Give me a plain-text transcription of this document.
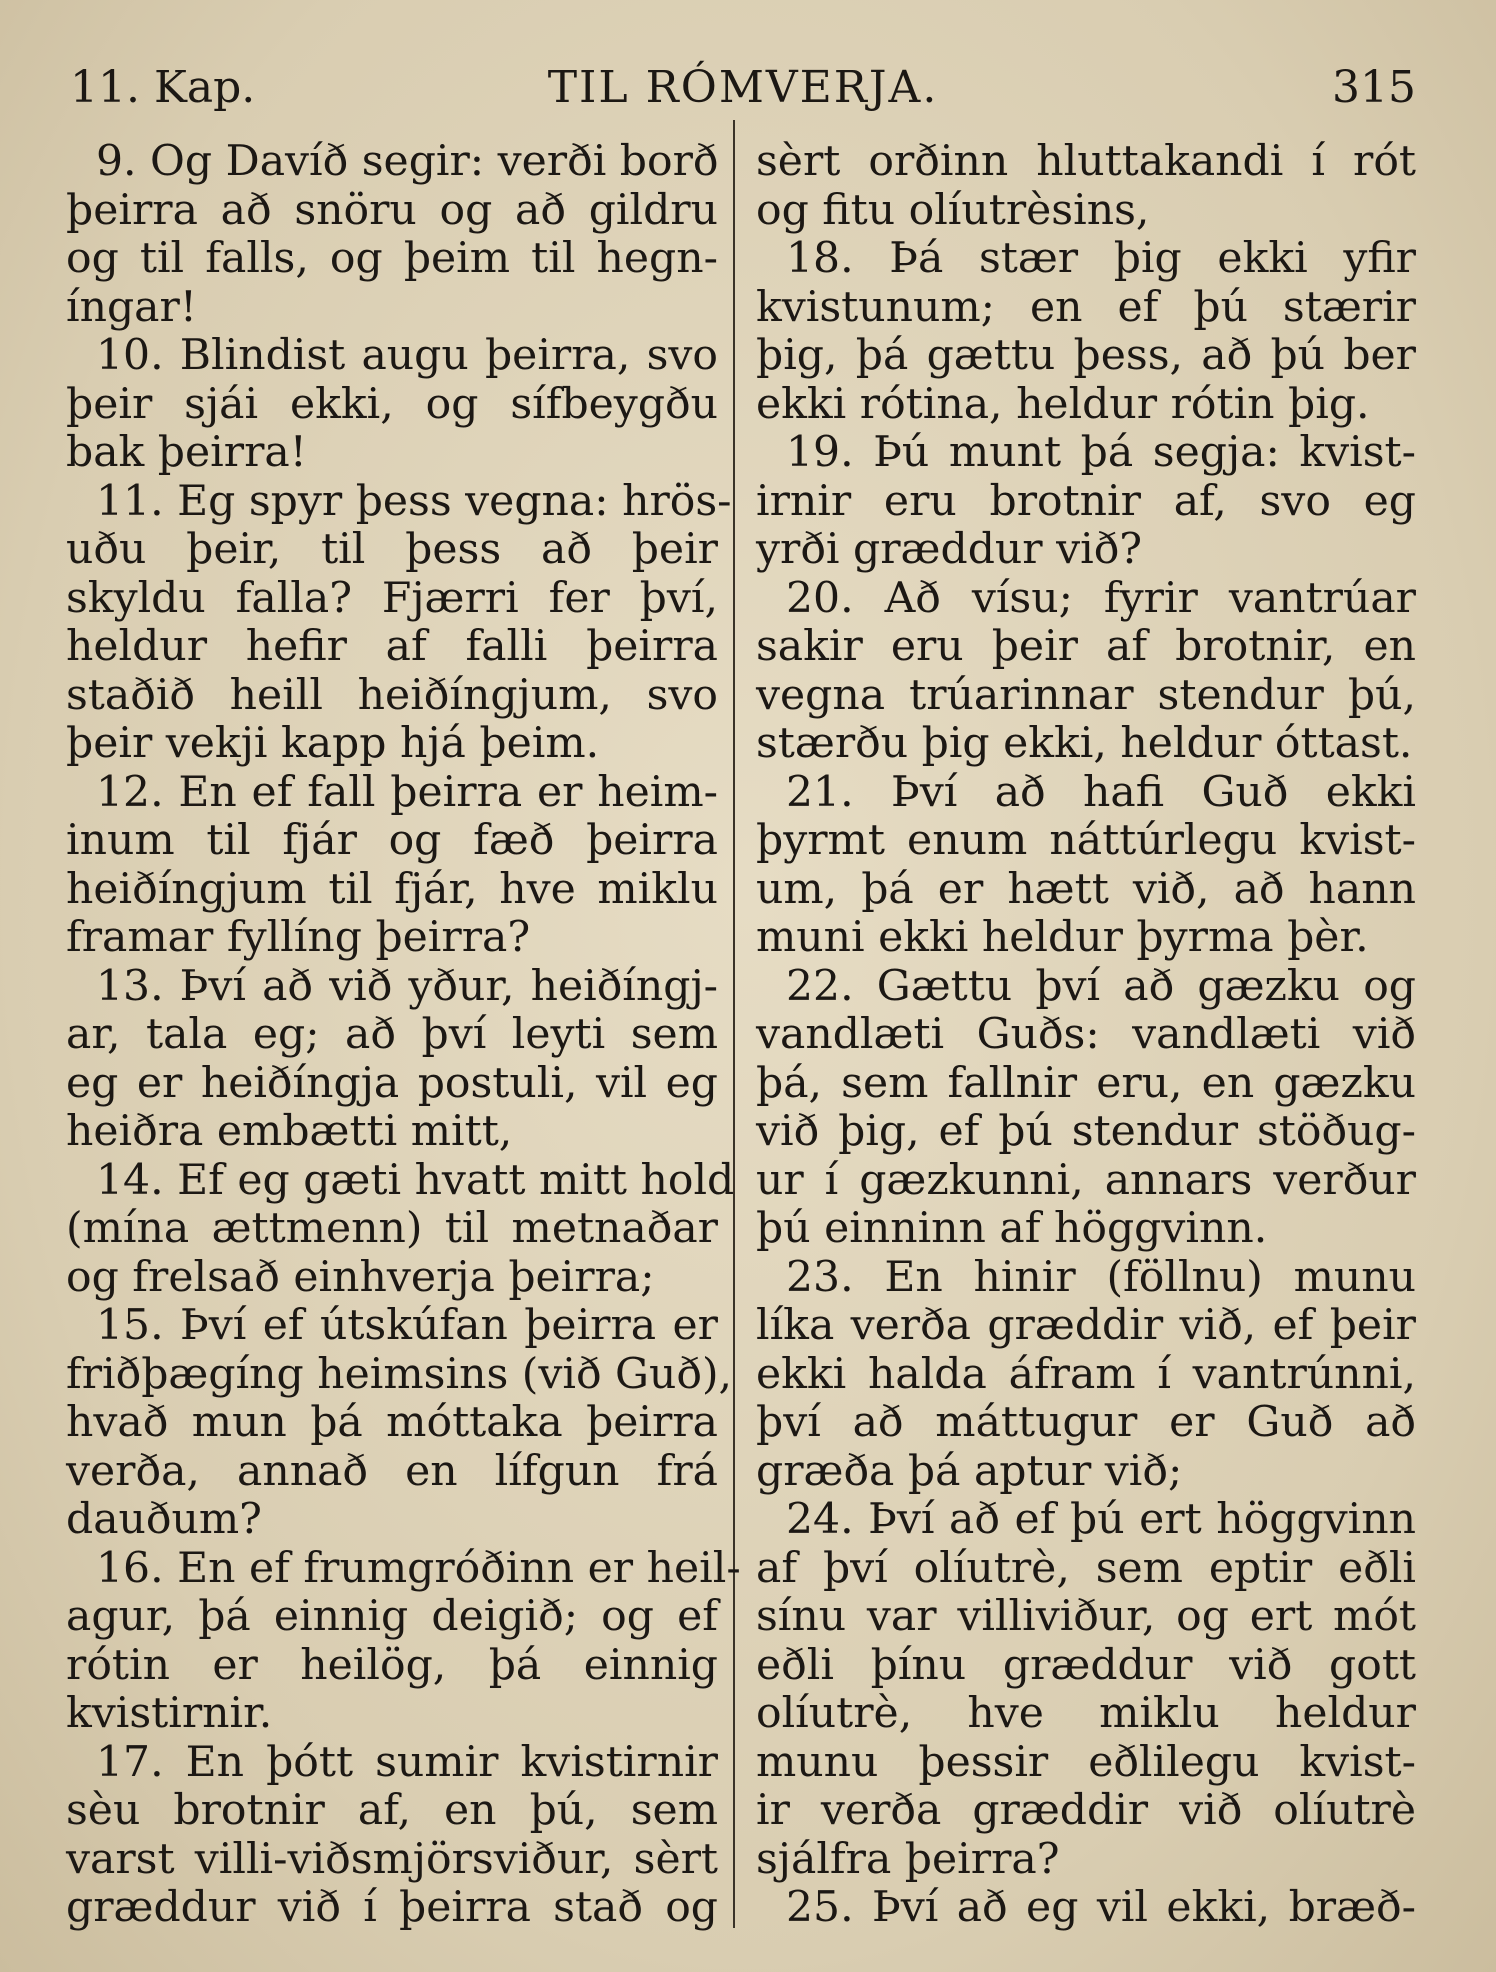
11. Kap.	TIL RÓMVERJA.	315
9. Og Davíð segir: verði borð
þeirra að snöru og að gildru
og til falls, og þeim til hegn-
íngar!
10. Blindist augu þeirra, svo
þeir sjái ekki, og sífbeygðu
bak þeirra!
11. Eg spyr þess vegna: hrös-
uðu þeir, til þess að þeir
skyldu falla? Fjærri fer því,
heldur hefir af falli þeirra
staðið heill heiðíngjum, svo
þeir vekji kapp hjá þeim.
12. En ef fall þeirra er heim-
inum til fjár og fæð þeirra
heiðíngjum til fjár, hve miklu
framar fyllíng þeirra?
13. Því að við yður, heiðíngj-
ar, tala eg; að því leyti sem
eg er heiðíngja postuli, vil eg
heiðra embætti mitt,
14. Ef eg gæti hvatt mitt hold
(mína ættmenn) til metnaðar
og frelsað einhverja þeirra;
15. Því ef útskúfan þeirra er
friðþægíng heimsins (við Guð),
hvað mun þá móttaka þeirra
verða, annað en lífgun frá
dauðum?
16. En ef frumgróðinn er heil-
agur, þá einnig deigið; og ef
rótin er heilög, þá einnig
kvistirnir.
17. En þótt sumir kvistirnir
sèu brotnir af, en þú, sem
varst villi-viðsmjörsviður, sèrt
græddur við í þeirra stað og
sèrt orðinn hluttakandi í rót
og fitu olíutrèsins,
18. Þá stær þig ekki yfir
kvistunum; en ef þú stærir
þig, þá gættu þess, að þú ber
ekki rótina, heldur rótin þig.
19. Þú munt þá segja: kvist-
irnir eru brotnir af, svo eg
yrði græddur við?
20. Að vísu; fyrir vantrúar
sakir eru þeir af brotnir, en
vegna trúarinnar stendur þú,
stærðu þig ekki, heldur óttast.
21. Því að hafi Guð ekki
þyrmt enum náttúrlegu kvist-
um, þá er hætt við, að hann
muni ekki heldur þyrma þèr.
22. Gættu því að gæzku og
vandlæti Guðs: vandlæti við
þá, sem fallnir eru, en gæzku
við þig, ef þú stendur stöðug-
ur í gæzkunni, annars verður
þú einninn af höggvinn.
23. En hinir (föllnu) munu
líka verða græddir við, ef þeir
ekki halda áfram í vantrúnni,
því að máttugur er Guð að
græða þá aptur við;
24. Því að ef þú ert höggvinn
af því olíutrè, sem eptir eðli
sínu var villiviður, og ert mót
eðli þínu græddur við gott
olíutrè, hve miklu heldur
munu þessir eðlilegu kvist-
ir verða græddir við olíutrè
sjálfra þeirra?
25. Því að eg vil ekki, bræð-
